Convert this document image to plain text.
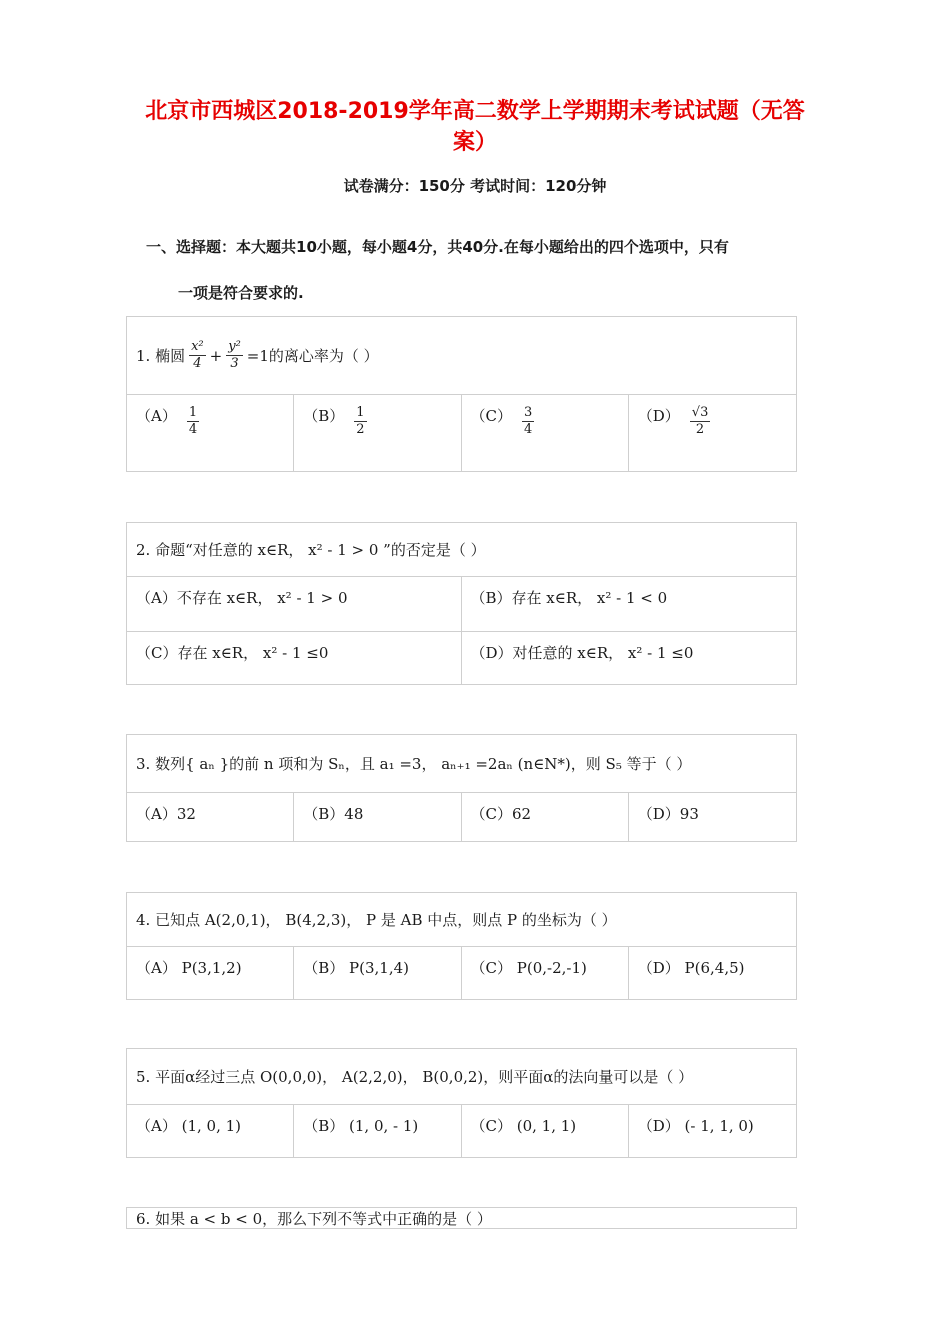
北京市西城区2018-2019学年高二数学上学期期末考试试题（无答案）
试卷满分：150分 考试时间：120分钟
一、选择题：本大题共10小题，每小题4分，共40分.在每小题给出的四个选项中，只有
一项是符合要求的.
1. 椭圆 $\frac{\text{x²}}{4} + \frac{\text{y²}}{3} =1$ 的离心率为（ ）
$(A) \frac{1}{4}$	$(B) \frac{1}{2}$	$(C) \frac{3}{4}$	$(D) \frac{√3}{2}$
2. 命题“对任意的 x∈R， x² - 1 > 0 ”的否定是（ ）
（A）不存在 x∈R， x² - 1 > 0	（B）存在 x∈R， x² - 1 < 0
（C）存在 x∈R， x² - 1 ≤0	（D）对任意的 x∈R， x² - 1 ≤0
3. 数列{ aₙ }的前 n 项和为 Sₙ，且 a₁ =3， aₙ₊₁ =2aₙ (n∈N*)，则 S₅ 等于（ ）
（A）32	（B）48	（C）62	（D）93
4. 已知点 A(2,0,1)， B(4,2,3)， P 是 AB 中点，则点 P 的坐标为（ ）
（A） P(3,1,2)	（B） P(3,1,4)	（C） P(0,-2,-1)	（D） P(6,4,5)
5. 平面α经过三点 O(0,0,0)， A(2,2,0)， B(0,0,2)，则平面α的法向量可以是（ ）
（A） (1, 0, 1)	（B） (1, 0, - 1)	（C） (0, 1, 1)	（D） (- 1, 1, 0)
6. 如果 a < b < 0，那么下列不等式中正确的是（ ）
